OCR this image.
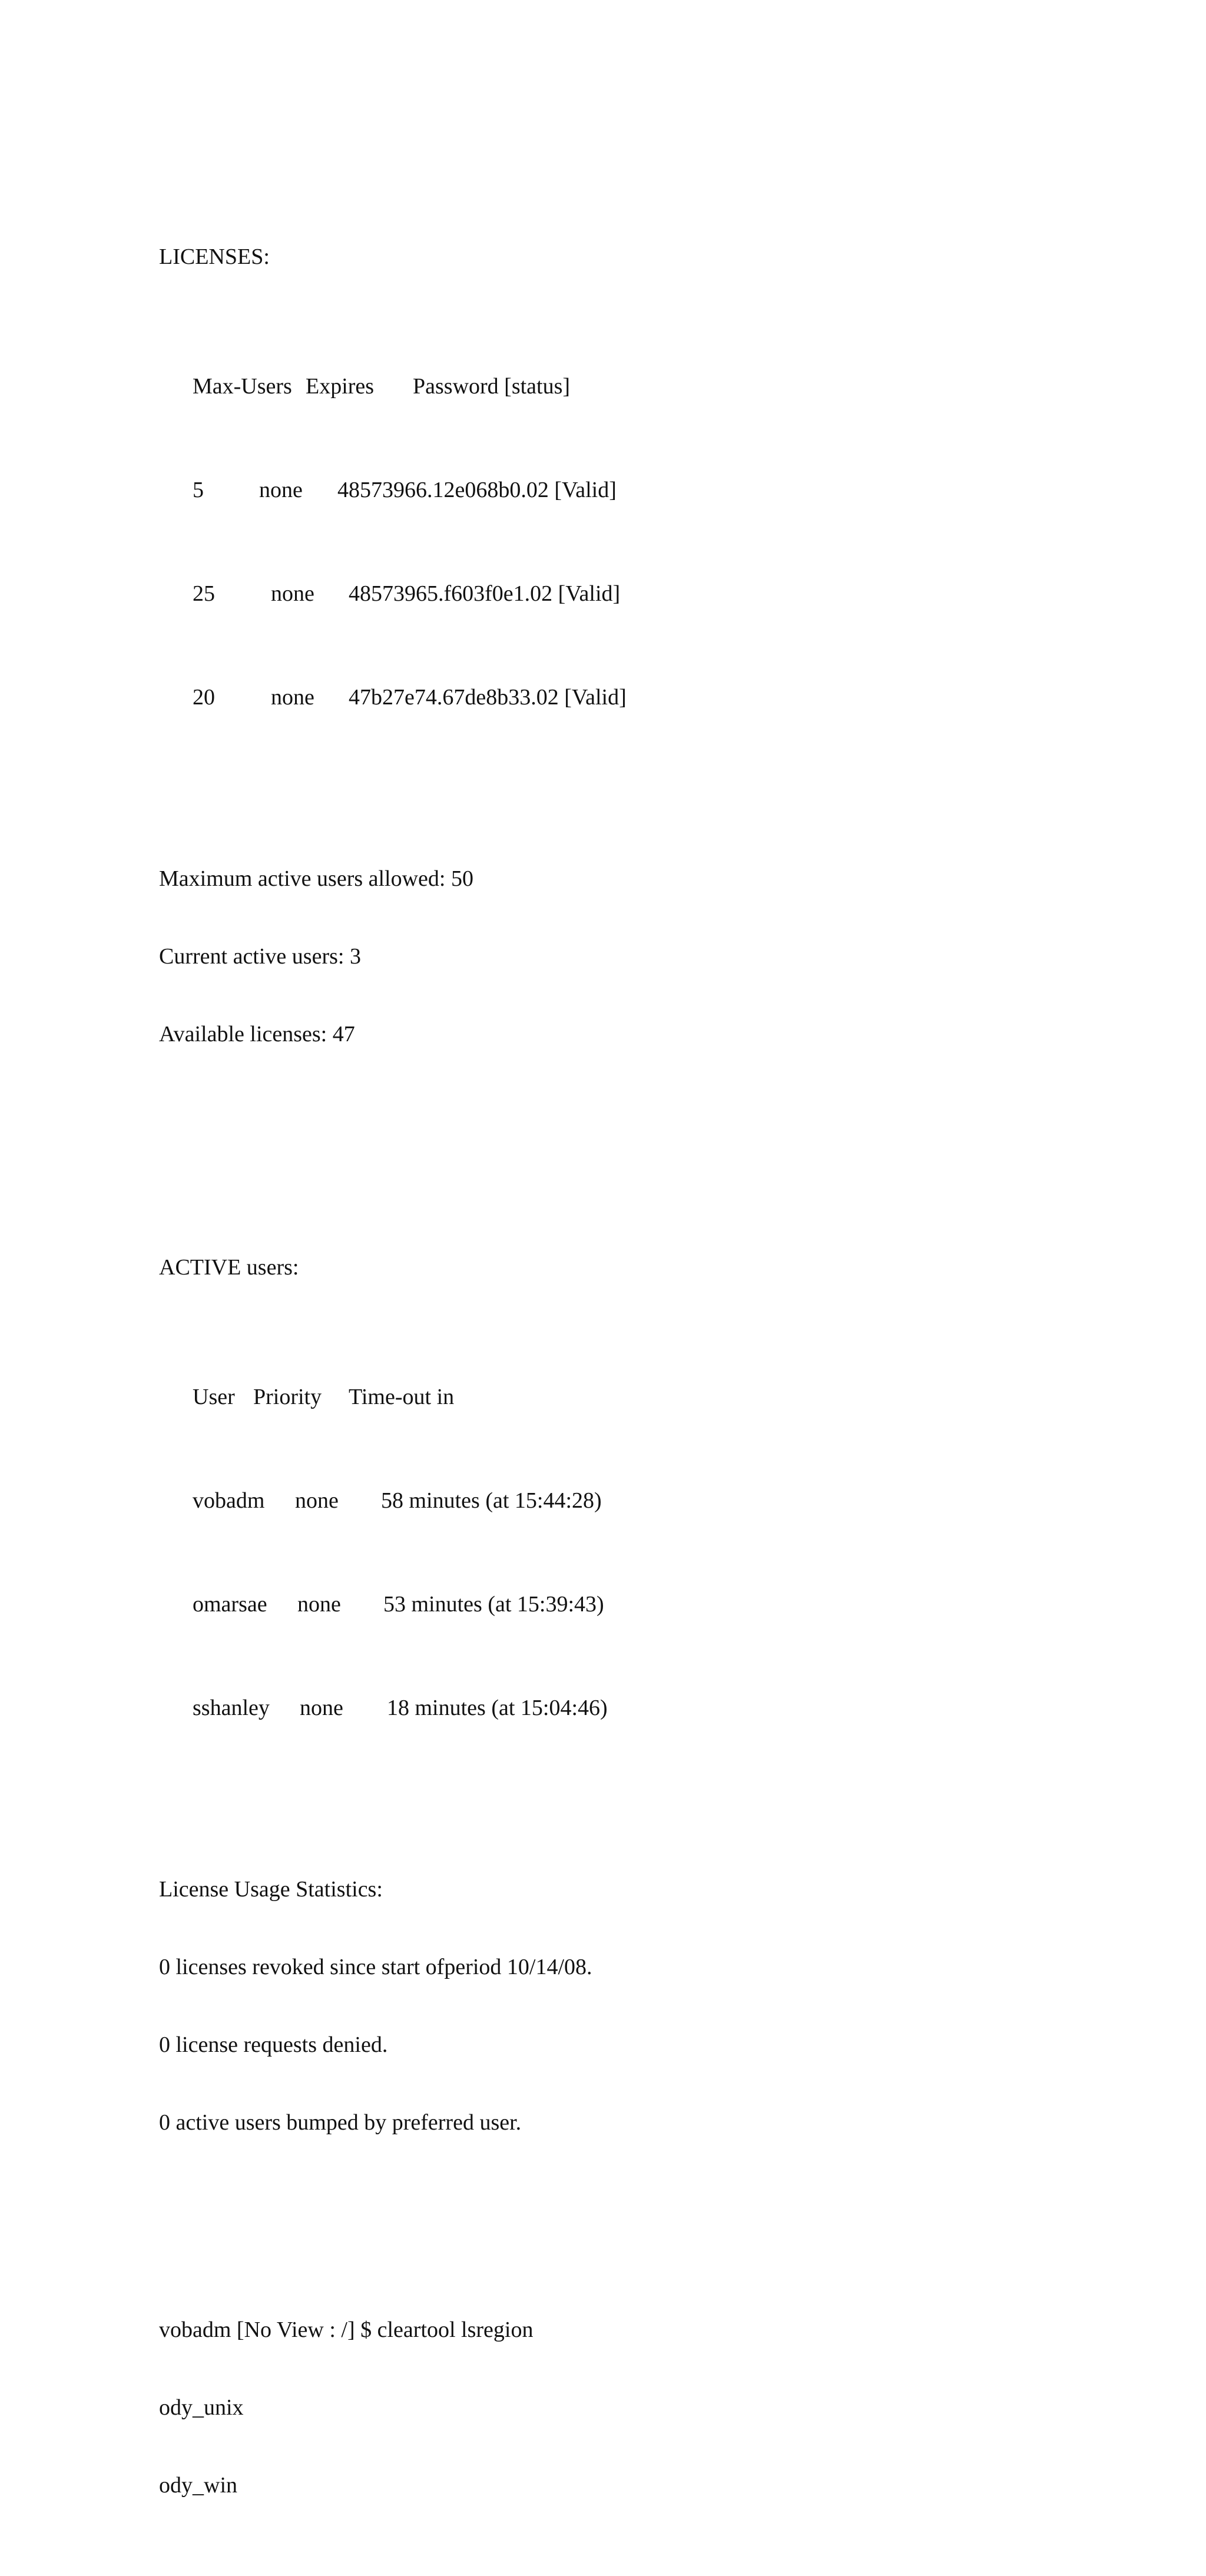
LICENSES:

Max-Users Expires Password [status]

5 none 48573966.12e068b0.02 [Valid]

25	none 48573965.f603f0e1.02 [Valid]

20	none 47b27e74.67de8b33.02 [Valid]

Maximum active users allowed: 50

Current active users: 3

Available licenses: 47

ACTIVE users:

User Priority Time-out in

vobadm none 58 minutes (at 15:44:28)

omarsae none 53 minutes (at 15:39:43)

sshanley none 18 minutes (at 15:04:46)

License Usage Statistics:

0 licenses revoked since start ofperiod 10/14/08.

0 license requests denied.

0 active users bumped by preferred user.

vobadm [No View : /] $ cleartool lsregion

ody_unix

ody_win
